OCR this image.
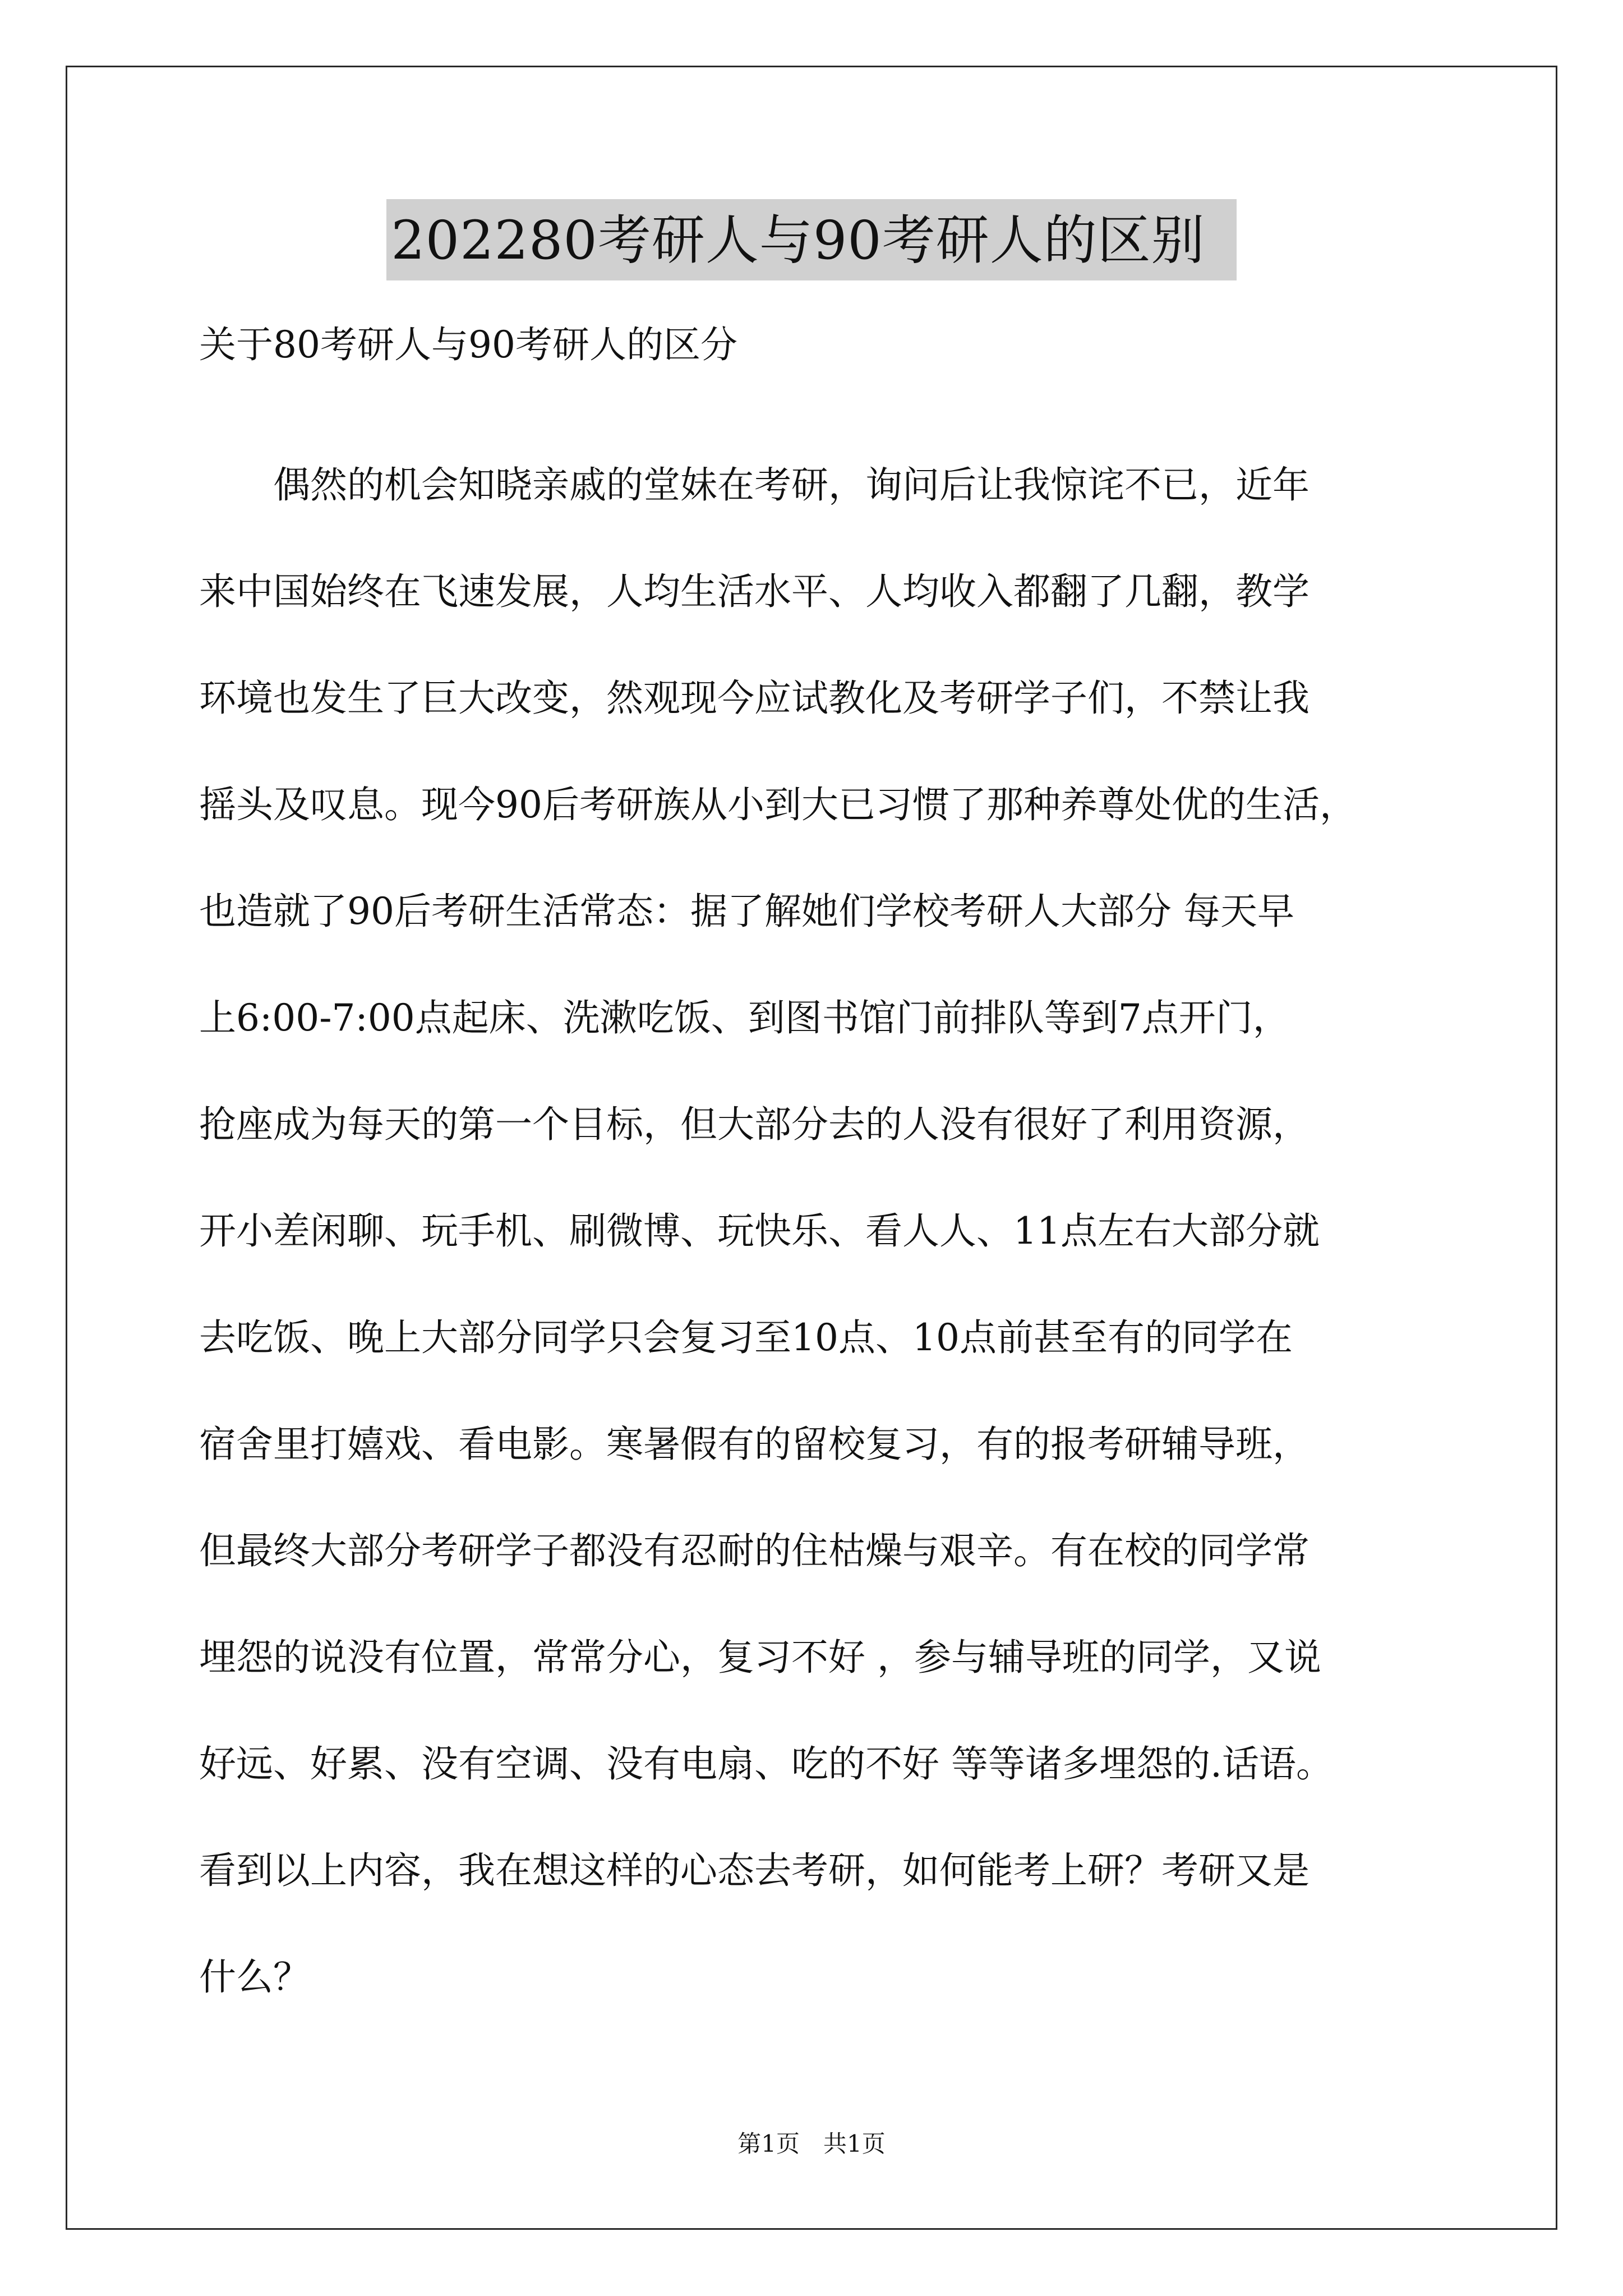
202280考研人与90考研人的区别
关于80考研人与90考研人的区分
　　偶然的机会知晓亲戚的堂妹在考研，询问后让我惊诧不已，近年
来中国始终在飞速发展，人均生活水平、人均收入都翻了几翻，教学
环境也发生了巨大改变，然观现今应试教化及考研学子们，不禁让我
摇头及叹息。现今90后考研族从小到大已习惯了那种养尊处优的生活，
也造就了90后考研生活常态：据了解她们学校考研人大部分 每天早
上6:00-7:00点起床、洗漱吃饭、到图书馆门前排队等到7点开门，
抢座成为每天的第一个目标，但大部分去的人没有很好了利用资源，
开小差闲聊、玩手机、刷微博、玩快乐、看人人、11点左右大部分就
去吃饭、晚上大部分同学只会复习至10点、10点前甚至有的同学在
宿舍里打嬉戏、看电影。寒暑假有的留校复习，有的报考研辅导班，
但最终大部分考研学子都没有忍耐的住枯燥与艰辛。有在校的同学常
埋怨的说没有位置，常常分心，复习不好 ，参与辅导班的同学，又说
好远、好累、没有空调、没有电扇、吃的不好 等等诸多埋怨的.话语。
看到以上内容，我在想这样的心态去考研，如何能考上研？考研又是
什么？
第1页　共1页
